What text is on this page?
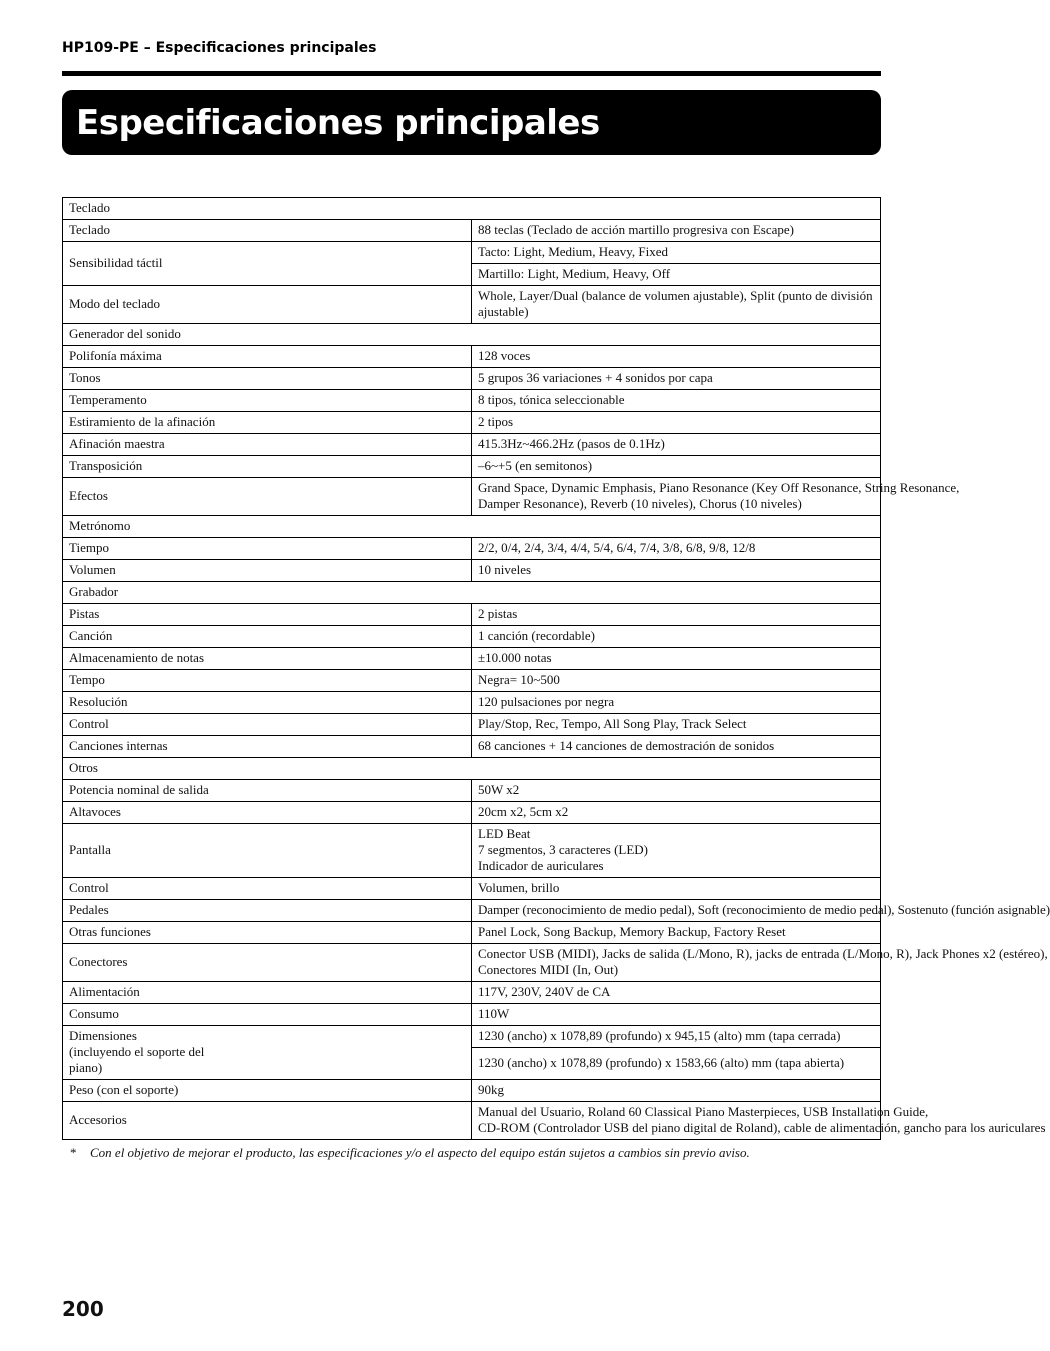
HP109-PE – Especificaciones principales
Especificaciones principales
Teclado	
Teclado	88 teclas (Teclado de acción martillo progresiva con Escape)
Sensibilidad táctil	Tacto: Light, Medium, Heavy, Fixed
	Martillo: Light, Medium, Heavy, Off
Modo del teclado	Whole, Layer/Dual (balance de volumen ajustable), Split (punto de división ajustable)
Generador del sonido	
Polifonía máxima	128 voces
Tonos	5 grupos 36 variaciones + 4 sonidos por capa
Temperamento	8 tipos, tónica seleccionable
Estiramiento de la afinación	2 tipos
Afinación maestra	415.3Hz~466.2Hz (pasos de 0.1Hz)
Transposición	–6~+5 (en semitonos)
Efectos	Grand Space, Dynamic Emphasis, Piano Resonance (Key Off Resonance, String Resonance,
Damper Resonance), Reverb (10 niveles), Chorus (10 niveles)

Metrónomo	
Tiempo	2/2, 0/4, 2/4, 3/4, 4/4, 5/4, 6/4, 7/4, 3/8, 6/8, 9/8, 12/8
Volumen	10 niveles
Grabador	
Pistas	2 pistas
Canción	1 canción (recordable)
Almacenamiento de notas	±10.000 notas
Tempo	Negra= 10~500
Resolución	120 pulsaciones por negra
Control	Play/Stop, Rec, Tempo, All Song Play, Track Select
Canciones internas	68 canciones + 14 canciones de demostración de sonidos
Otros	
Potencia nominal de salida	50W x2
Altavoces	20cm x2, 5cm x2
Pantalla	LED Beat
7 segmentos, 3 caracteres (LED)
Indicador de auriculares

Control	Volumen, brillo
Pedales	Damper (reconocimiento de medio pedal), Soft (reconocimiento de medio pedal), Sostenuto (función asignable)
Otras funciones	Panel Lock, Song Backup, Memory Backup, Factory Reset
Conectores	Conector USB (MIDI), Jacks de salida (L/Mono, R), jacks de entrada (L/Mono, R), Jack Phones x2 (estéreo),
Conectores MIDI (In, Out)

Alimentación	117V, 230V, 240V de CA
Consumo	110W

Dimensiones
(incluyendo el soporte del
piano)	1230 (ancho) x 1078,89 (profundo) x 945,15 (alto) mm (tapa cerrada)
	1230 (ancho) x 1078,89 (profundo) x 1583,66 (alto) mm (tapa abierta)
Peso (con el soporte)	90kg
Accesorios	Manual del Usuario, Roland 60 Classical Piano Masterpieces, USB Installation Guide,
CD-ROM (Controlador USB del piano digital de Roland), cable de alimentación, gancho para los auriculares
* Con el objetivo de mejorar el producto, las especificaciones y/o el aspecto del equipo están sujetos a cambios sin previo aviso.
200
